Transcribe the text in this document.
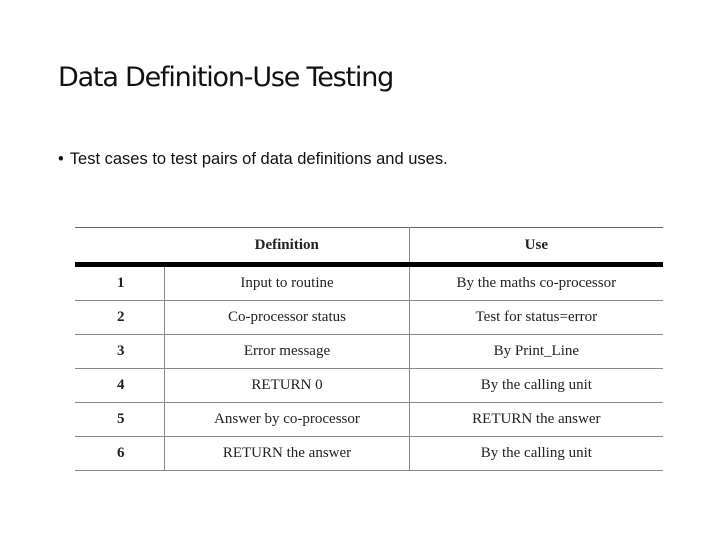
Data Definition-Use Testing
• Test cases to test pairs of data definitions and uses.
	Definition	Use
1	Input to routine	By the maths co-processor
2	Co-processor status	Test for status=error
3	Error message	By Print_Line
4	RETURN 0	By the calling unit
5	Answer by co-processor	RETURN the answer
6	RETURN the answer	By the calling unit
